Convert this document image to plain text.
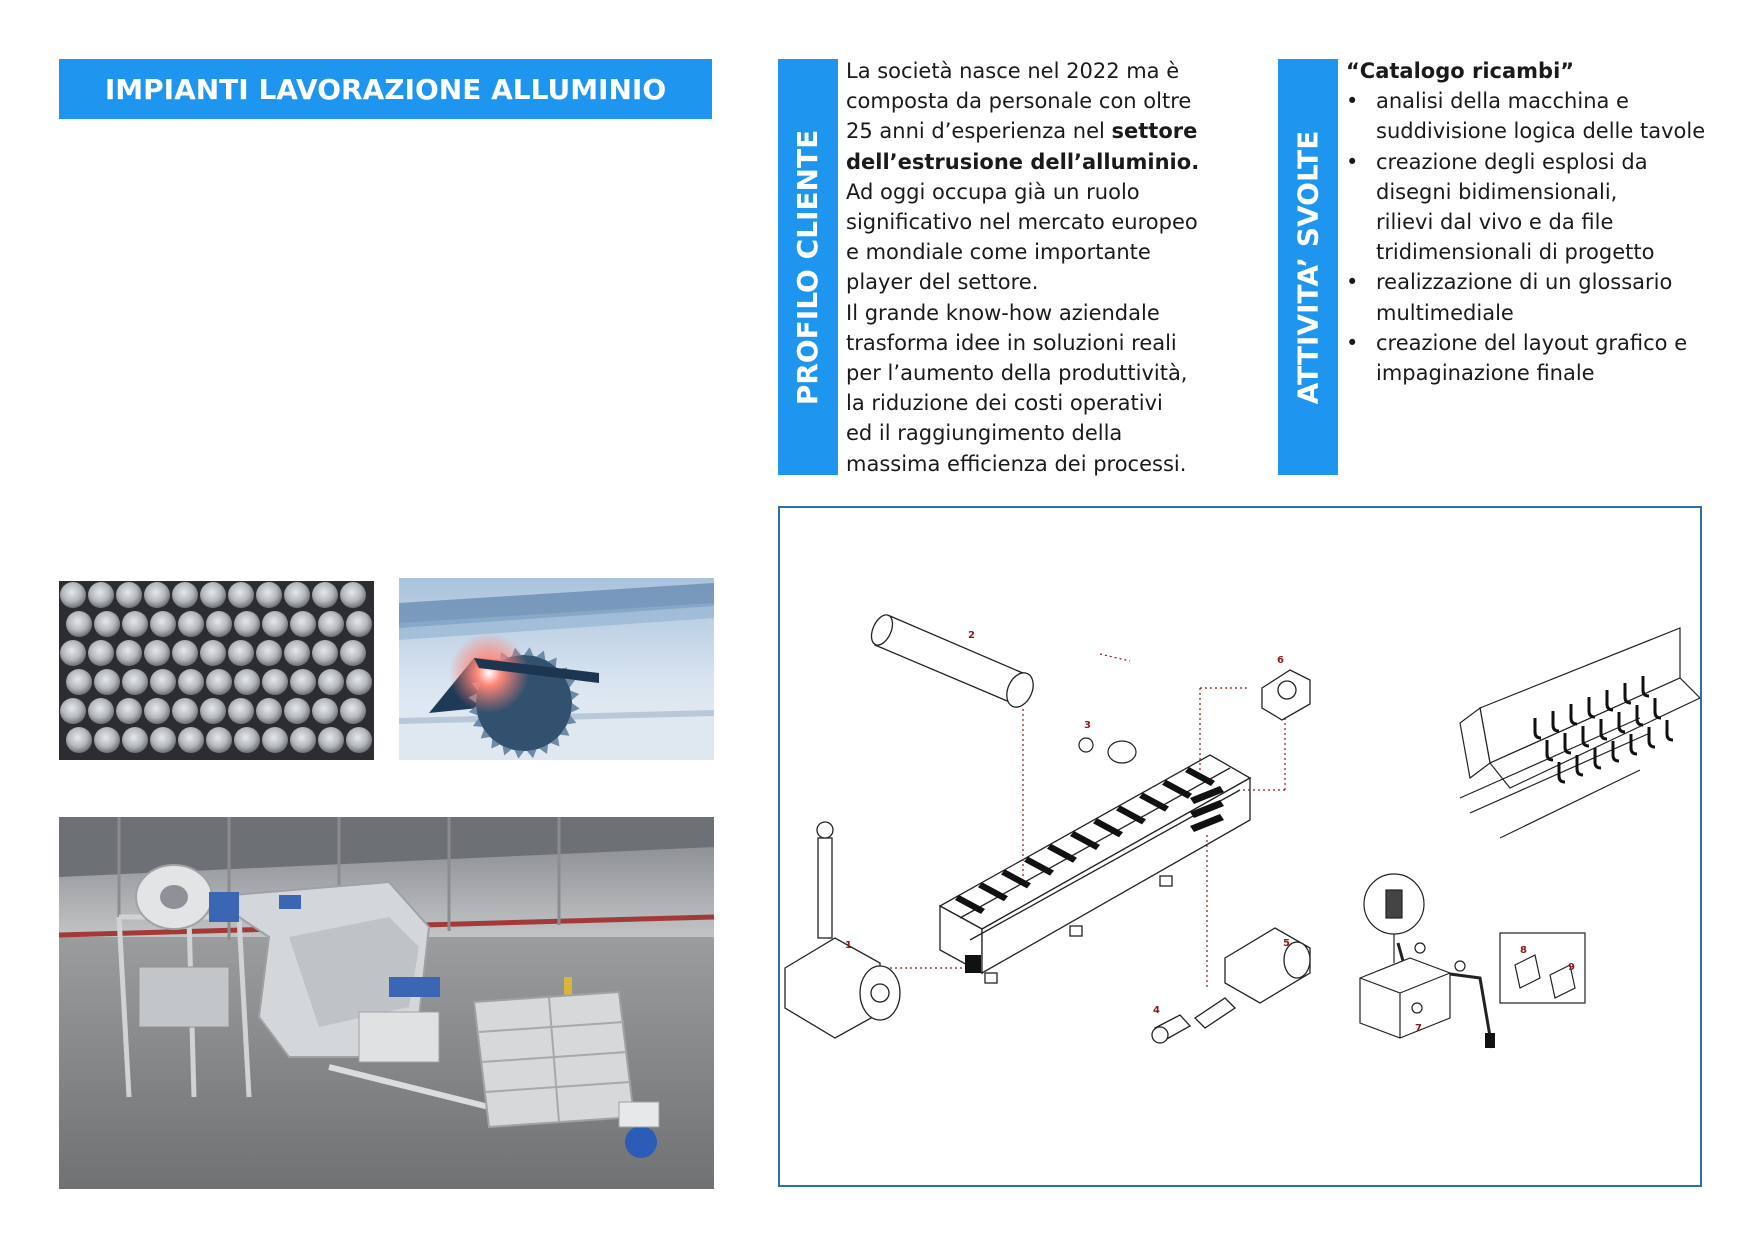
IMPIANTI LAVORAZIONE ALLUMINIO
PROFILO CLIENTE

La società nasce nel 2022 ma è

composta da personale con oltre

25 anni d’esperienza nel settore

dell’estrusione dell’alluminio.

Ad oggi occupa già un ruolo

significativo nel mercato europeo

e mondiale come importante

player del settore.

Il grande know-how aziendale

trasforma idee in soluzioni reali

per l’aumento della produttività,

la riduzione dei costi operativi

ed il raggiungimento della

massima efficienza dei processi.

ATTIVITA’ SVOLTE
“Catalogo ricambi”
• analisi della macchina e
suddivisione logica delle tavole
• creazione degli esplosi da
disegni bidimensionali,
rilievi dal vivo e da file
tridimensionali di progetto
• realizzazione di un glossario
multimediale
• creazione del layout grafico e
impaginazione finale
1
2
3
4
5
6
7
8
9
